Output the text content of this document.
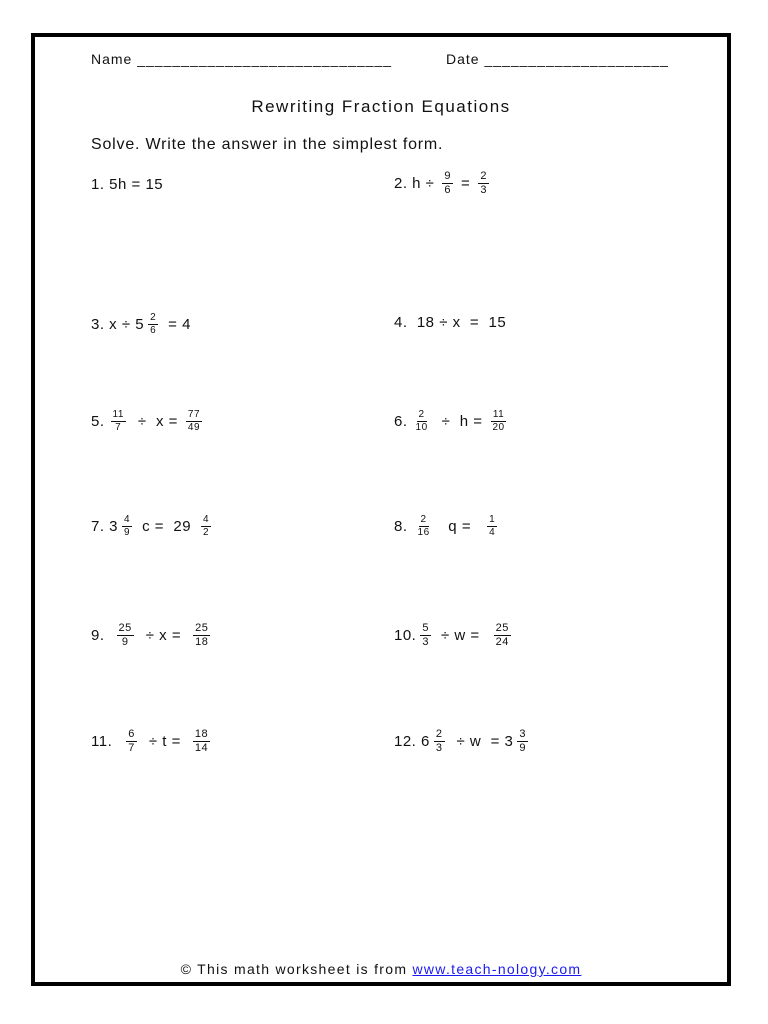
Name _____________________________	Date _____________________
Rewriting Fraction Equations
Solve. Write the answer in the simplest form.
1. 5h = 15	2. $h \div \frac{9}{6} = \frac{2}{3}$
3. $x \div 5 \frac{2}{6} = 4$	4.  18 ÷ x  =  15
5. $\frac{11}{7} \div x = \frac{77}{49}$	6. $\frac{2}{10} \div h = \frac{11}{20}$
7. $3 \frac{4}{9}$ $c = 29 \frac{4}{2}$	8. $\frac{2}{16}$ $q = \frac{1}{4}$
9. $\frac{25}{9} \div x = \frac{25}{18}$	10. $\frac{5}{3} \div w = \frac{25}{24}$
11. $\frac{6}{7} \div t = \frac{18}{14}$	12. $6 \frac{2}{3} \div w = 3 \frac{3}{9}$
© This math worksheet is from www.teach-nology.com
